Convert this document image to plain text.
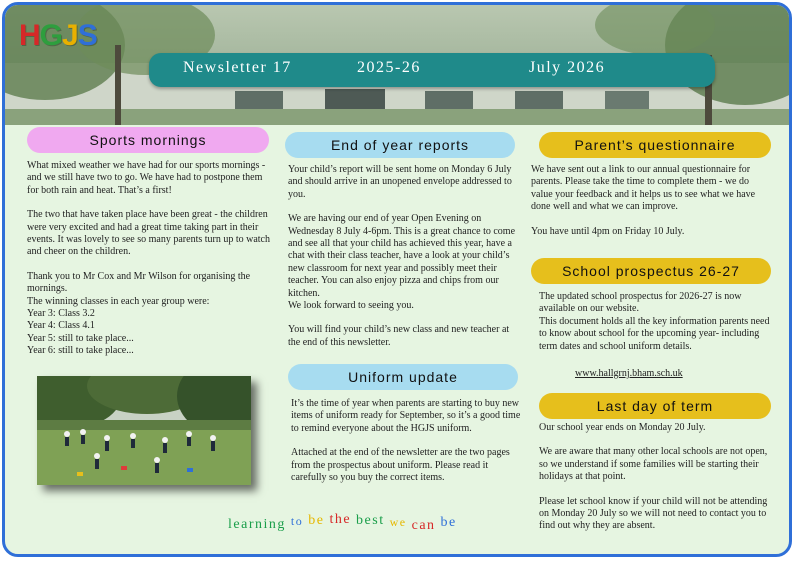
HGJS
Newsletter 17	2025-26	July 2026
Sports mornings

What mixed weather we have had for our sports mornings - and we still have two to go. We have had to postpone them for both rain and heat. That’s a first!

The two that have taken place have been great - the children were very excited and had a great time taking part in their events. It was lovely to see so many parents turn up to watch and cheer on the children.

Thank you to Mr Cox and Mr Wilson for organising the mornings.

The winning classes in each year group were:

Year 3: Class 3.2

Year 4: Class 4.1

Year 5: still to take place...

Year 6: still to take place...

End of year reports

Your child’s report will be sent home on Monday 6 July and should arrive in an unopened envelope addressed to you.

We are having our end of year Open Evening on Wednesday 8 July 4-6pm. This is a great chance to come and see all that your child has achieved this year, have a chat with their class teacher, have a look at your child’s new classroom for next year and possibly meet their teacher. You can also enjoy pizza and chips from our kitchen.

We look forward to seeing you.

You will find your child’s new class and new teacher at the end of this newsletter.

Uniform update

It’s the time of year when parents are starting to buy new items of uniform ready for September, so it’s a good time to remind everyone about the HGJS uniform.

Attached at the end of the newsletter are the two pages from the prospectus about uniform. Please read it carefully so you buy the correct items.

Parent’s questionnaire

We have sent out a link to our annual questionnaire for parents. Please take the time to complete them - we do value your feedback and it helps us to see what we have done well and what we can improve.

You have until 4pm on Friday 10 July.

School prospectus 26-27

The updated school prospectus for 2026-27 is now available on our website.

This document holds all the key information parents need to know about school for the upcoming year- including term dates and school uniform details.

www.hallgrnj.bham.sch.uk
Last day of term

Our school year ends on Monday 20 July.

We are aware that many other local schools are not open, so we understand if some families will be starting their holidays at that point.

Please let school know if your child will not be attending on Monday 20 July so we will not need to contact you to find out why they are absent.

learning to be the best we can be
